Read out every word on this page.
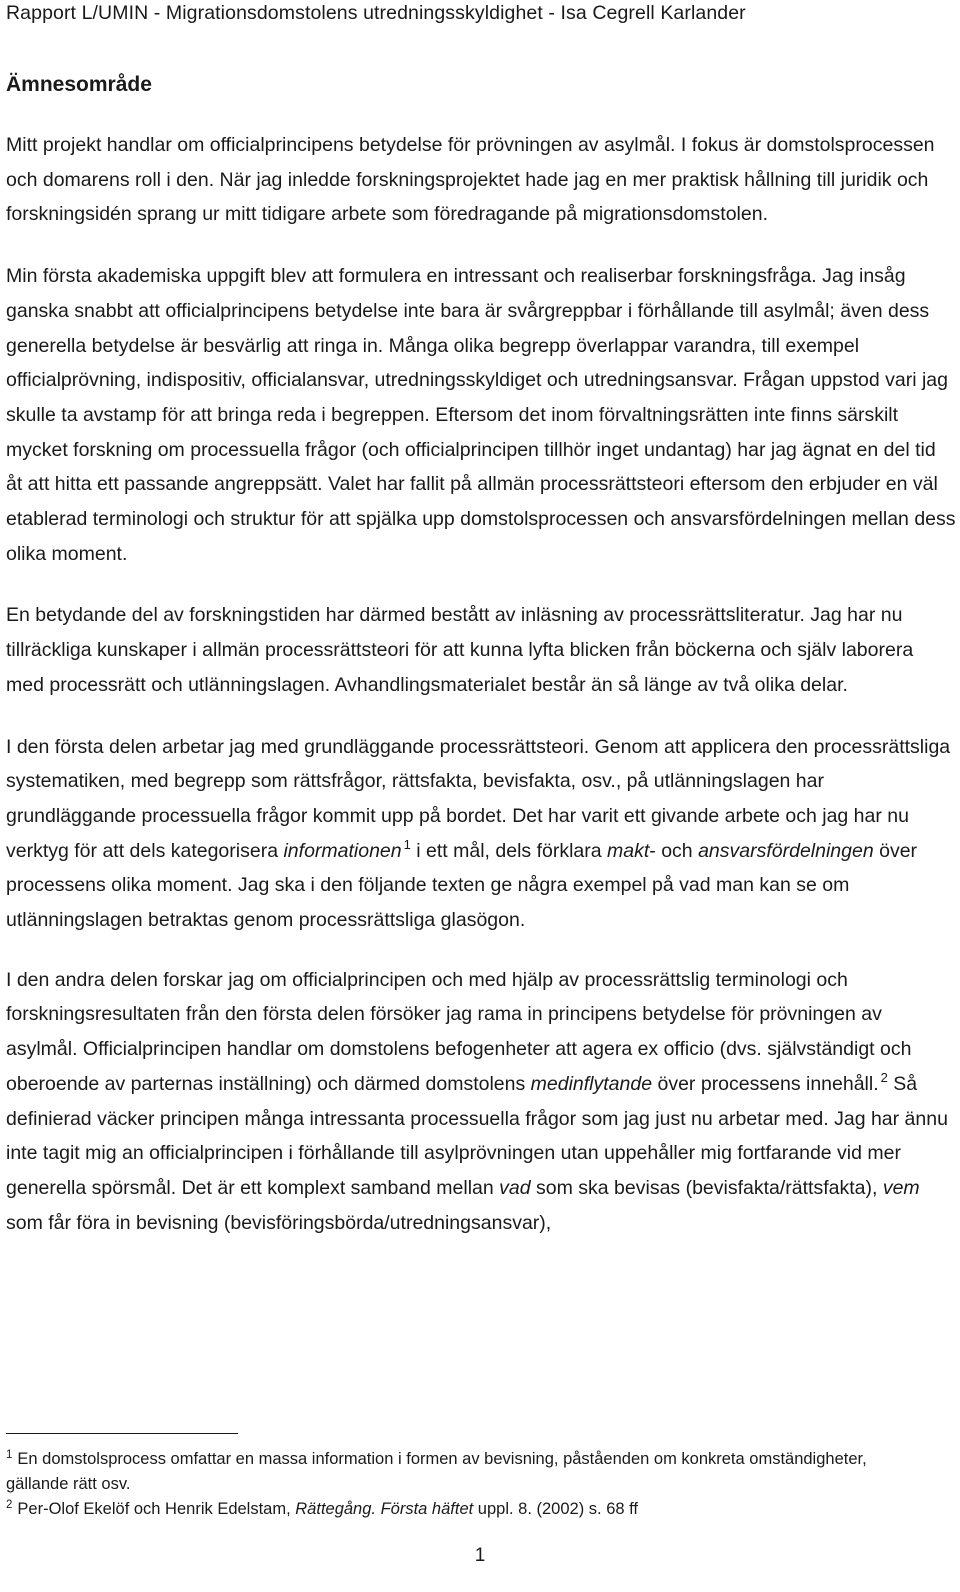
Rapport L/UMIN - Migrationsdomstolens utredningsskyldighet - Isa Cegrell Karlander
Ämnesområde

Mitt projekt handlar om officialprincipens betydelse för prövningen av asylmål. I fokus är domstolsprocessen och domarens roll i den. När jag inledde forskningsprojektet hade jag en mer praktisk hållning till juridik och forskningsidén sprang ur mitt tidigare arbete som föredragande på migrationsdomstolen.

Min första akademiska uppgift blev att formulera en intressant och realiserbar forskningsfråga. Jag insåg ganska snabbt att officialprincipens betydelse inte bara är svårgreppbar i förhållande till asylmål; även dess generella betydelse är besvärlig att ringa in. Många olika begrepp överlappar varandra, till exempel officialprövning, indispositiv, officialansvar, utredningsskyldiget och utredningsansvar. Frågan uppstod vari jag skulle ta avstamp för att bringa reda i begreppen. Eftersom det inom förvaltningsrätten inte finns särskilt mycket forskning om processuella frågor (och officialprincipen tillhör inget undantag) har jag ägnat en del tid åt att hitta ett passande angreppsätt. Valet har fallit på allmän processrättsteori eftersom den erbjuder en väl etablerad terminologi och struktur för att spjälka upp domstolsprocessen och ansvarsfördelningen mellan dess olika moment.

En betydande del av forskningstiden har därmed bestått av inläsning av processrättsliteratur. Jag har nu tillräckliga kunskaper i allmän processrättsteori för att kunna lyfta blicken från böckerna och själv laborera med processrätt och utlänningslagen. Avhandlingsmaterialet består än så länge av två olika delar.

I den första delen arbetar jag med grundläggande processrättsteori. Genom att applicera den processrättsliga systematiken, med begrepp som rättsfrågor, rättsfakta, bevisfakta, osv., på utlänningslagen har grundläggande processuella frågor kommit upp på bordet. Det har varit ett givande arbete och jag har nu verktyg för att dels kategorisera informationen $^1$ i ett mål, dels förklara makt- och ansvarsfördelningen över processens olika moment. Jag ska i den följande texten ge några exempel på vad man kan se om utlänningslagen betraktas genom processrättsliga glasögon.

I den andra delen forskar jag om officialprincipen och med hjälp av processrättslig terminologi och forskningsresultaten från den första delen försöker jag rama in principens betydelse för prövningen av asylmål. Officialprincipen handlar om domstolens befogenheter att agera ex officio (dvs. självständigt och oberoende av parternas inställning) och därmed domstolens medinflytande över processens innehåll. $^2$ Så definierad väcker principen många intressanta processuella frågor som jag just nu arbetar med. Jag har ännu inte tagit mig an officialprincipen i förhållande till asylprövningen utan uppehåller mig fortfarande vid mer generella spörsmål. Det är ett komplext samband mellan vad som ska bevisas (bevisfakta/rättsfakta), vem som får föra in bevisning (bevisföringsbörda/utredningsansvar),

$^1$ En domstolsprocess omfattar en massa information i formen av bevisning, påståenden om konkreta omständigheter, gällande rätt osv.

$^2$ Per-Olof Ekelöf och Henrik Edelstam, Rättegång. Första häftet uppl. 8. (2002) s. 68 ff

1
